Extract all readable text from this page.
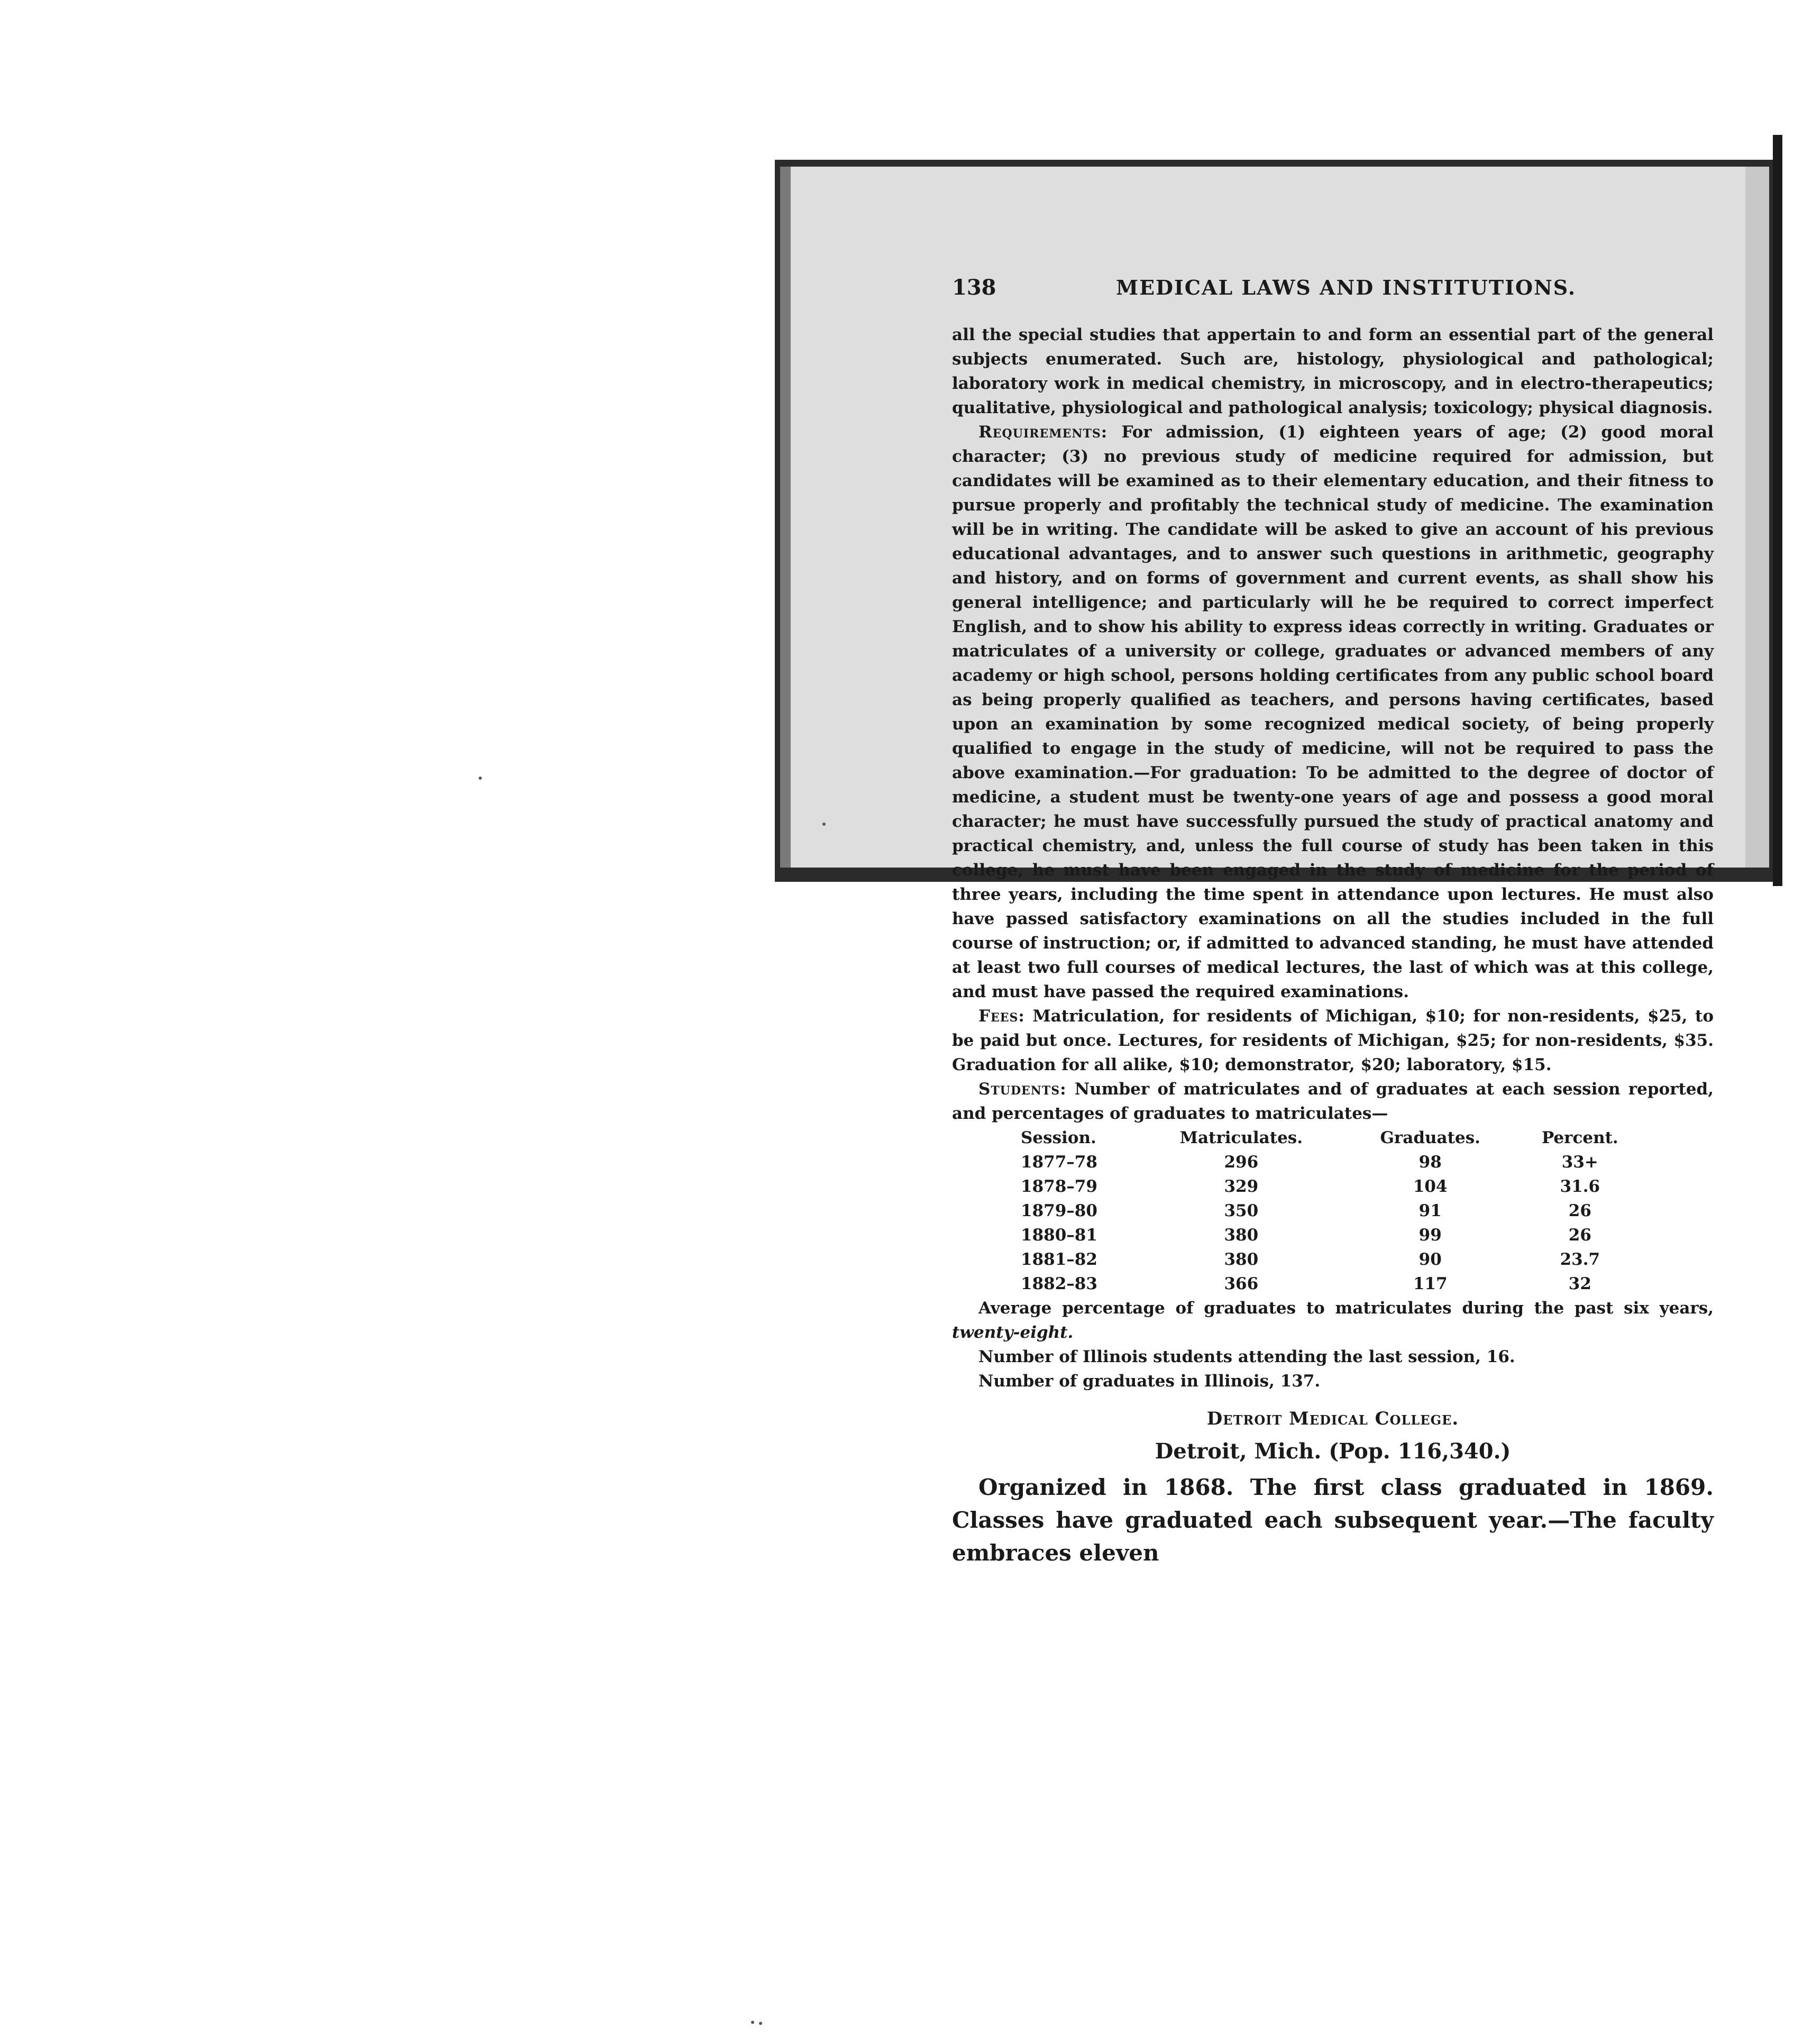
138	MEDICAL LAWS AND INSTITUTIONS.

all the special studies that appertain to and form an essential part of the general subjects enumerated. Such are, histology, physiological and pathological; laboratory work in medical chemistry, in microscopy, and in electro-therapeutics; qualitative, physiological and pathological analysis; toxicology; physical diagnosis.

Requirements: For admission, (1) eighteen years of age; (2) good moral character; (3) no previous study of medicine required for admission, but candidates will be examined as to their elementary education, and their fitness to pursue properly and profitably the technical study of medicine. The examination will be in writing. The candidate will be asked to give an account of his previous educational advantages, and to answer such questions in arithmetic, geography and history, and on forms of government and current events, as shall show his general intelligence; and particularly will he be required to correct imperfect English, and to show his ability to express ideas correctly in writing. Graduates or matriculates of a university or college, graduates or advanced members of any academy or high school, persons holding certificates from any public school board as being properly qualified as teachers, and persons having certificates, based upon an examination by some recognized medical society, of being properly qualified to engage in the study of medicine, will not be required to pass the above examination.—For graduation: To be admitted to the degree of doctor of medicine, a student must be twenty-one years of age and possess a good moral character; he must have successfully pursued the study of practical anatomy and practical chemistry, and, unless the full course of study has been taken in this college, he must have been engaged in the study of medicine for the period of three years, including the time spent in attendance upon lectures. He must also have passed satisfactory examinations on all the studies included in the full course of instruction; or, if admitted to advanced standing, he must have attended at least two full courses of medical lectures, the last of which was at this college, and must have passed the required examinations.

Fees: Matriculation, for residents of Michigan, $10; for non-residents, $25, to be paid but once. Lectures, for residents of Michigan, $25; for non-residents, $35. Graduation for all alike, $10; demonstrator, $20; laboratory, $15.

Students: Number of matriculates and of graduates at each session reported, and percentages of graduates to matriculates—

Session.	Matriculates.	Graduates.	Percent.
1877–78	296	98	33+
1878–79	329	104	31.6
1879–80	350	91	26
1880–81	380	99	26
1881–82	380	90	23.7
1882–83	366	117	32

Average percentage of graduates to matriculates during the past six years, twenty-eight.

Number of Illinois students attending the last session, 16.

Number of graduates in Illinois, 137.

Detroit Medical College.
Detroit, Mich. (Pop. 116,340.)

Organized in 1868. The first class graduated in 1869. Classes have graduated each subsequent year.—The faculty embraces eleven
